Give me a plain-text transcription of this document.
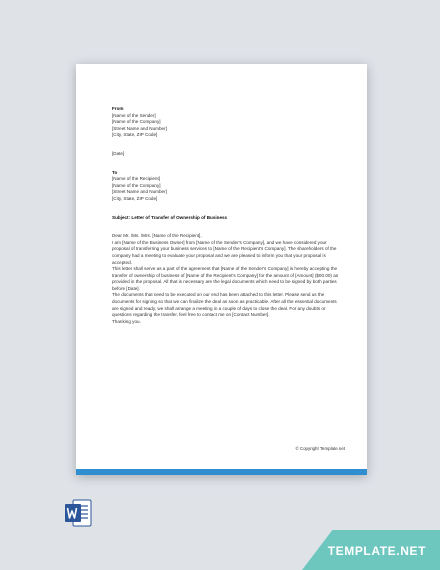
From

[Name of the Sender]

[Name of the Company]

[Street Name and Number]

[City, State, ZIP Code]

[Date]

To

[Name of the Recipient]

[Name of the Company]

[Street Name and Number]

[City, State, ZIP Code]

Subject: Letter of Transfer of Ownership of Business

Dear Mr. /Ms. /Mrs. [Name of the Recipient],

I am [Name of the Business Owner] from [Name of the Sender's Company], and we have considered your proposal of transferring your business services to [Name of the Recipient's Company]. The shareholders of the company had a meeting to evaluate your proposal and we are pleased to inform you that your proposal is accepted.

This letter shall serve as a part of the agreement that [Name of the Sender's Company] is hereby accepting the transfer of ownership of business of [Name of the Recipient's Company] for the amount of [Amount] ($00.00) as provided in the proposal. All that is necessary are the legal documents which need to be signed by both parties before [Date].

The documents that need to be executed on our end has been attached to this letter. Please send us the documents for signing so that we can finalize the deal as soon as practicable. After all the essential documents are signed and ready, we shall arrange a meeting in a couple of days to close the deal. For any doubts or questions regarding the transfer, feel free to contact me on [Contact Number].

Thanking you.

© Copyright Template.net
TEMPLATE.NET
